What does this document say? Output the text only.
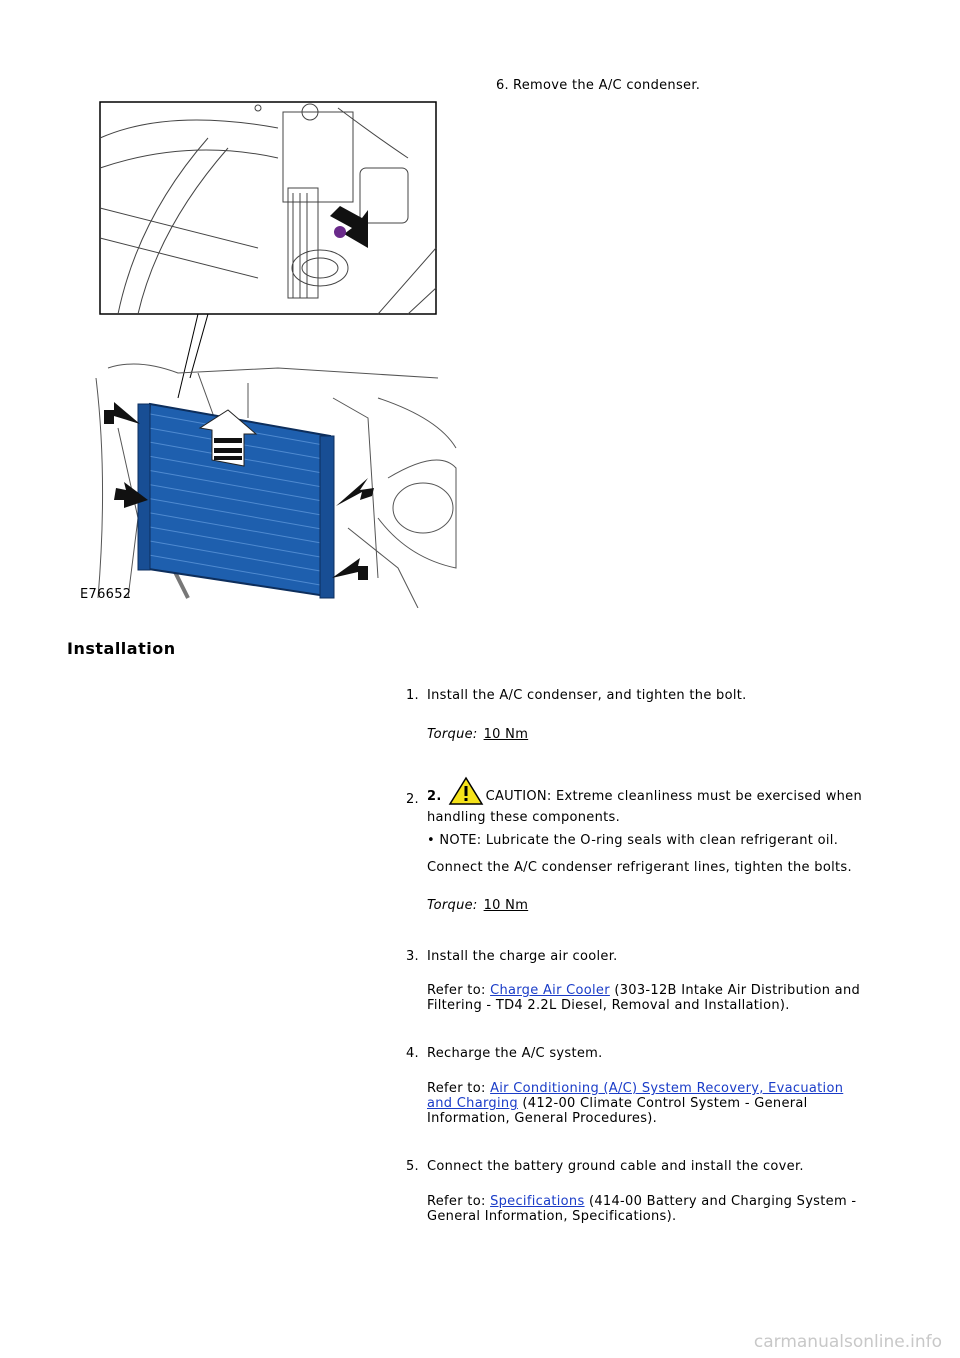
6. Remove the A/C condenser.
E76652
Installation
1. Install the A/C condenser, and tighten the bolt.
Torque: 10 Nm
2. 2.	CAUTION: Extreme cleanliness must be exercised when handling these components.
• NOTE: Lubricate the O-ring seals with clean refrigerant oil.
Connect the A/C condenser refrigerant lines, tighten the bolts.
Torque: 10 Nm
3. Install the charge air cooler.
Refer to: Charge Air Cooler (303-12B Intake Air Distribution and Filtering - TD4 2.2L Diesel, Removal and Installation).
4. Recharge the A/C system.
Refer to: Air Conditioning (A/C) System Recovery, Evacuation and Charging (412-00 Climate Control System - General Information, General Procedures).
5. Connect the battery ground cable and install the cover.
Refer to: Specifications (414-00 Battery and Charging System - General Information, Specifications).
carmanualsonline.info
